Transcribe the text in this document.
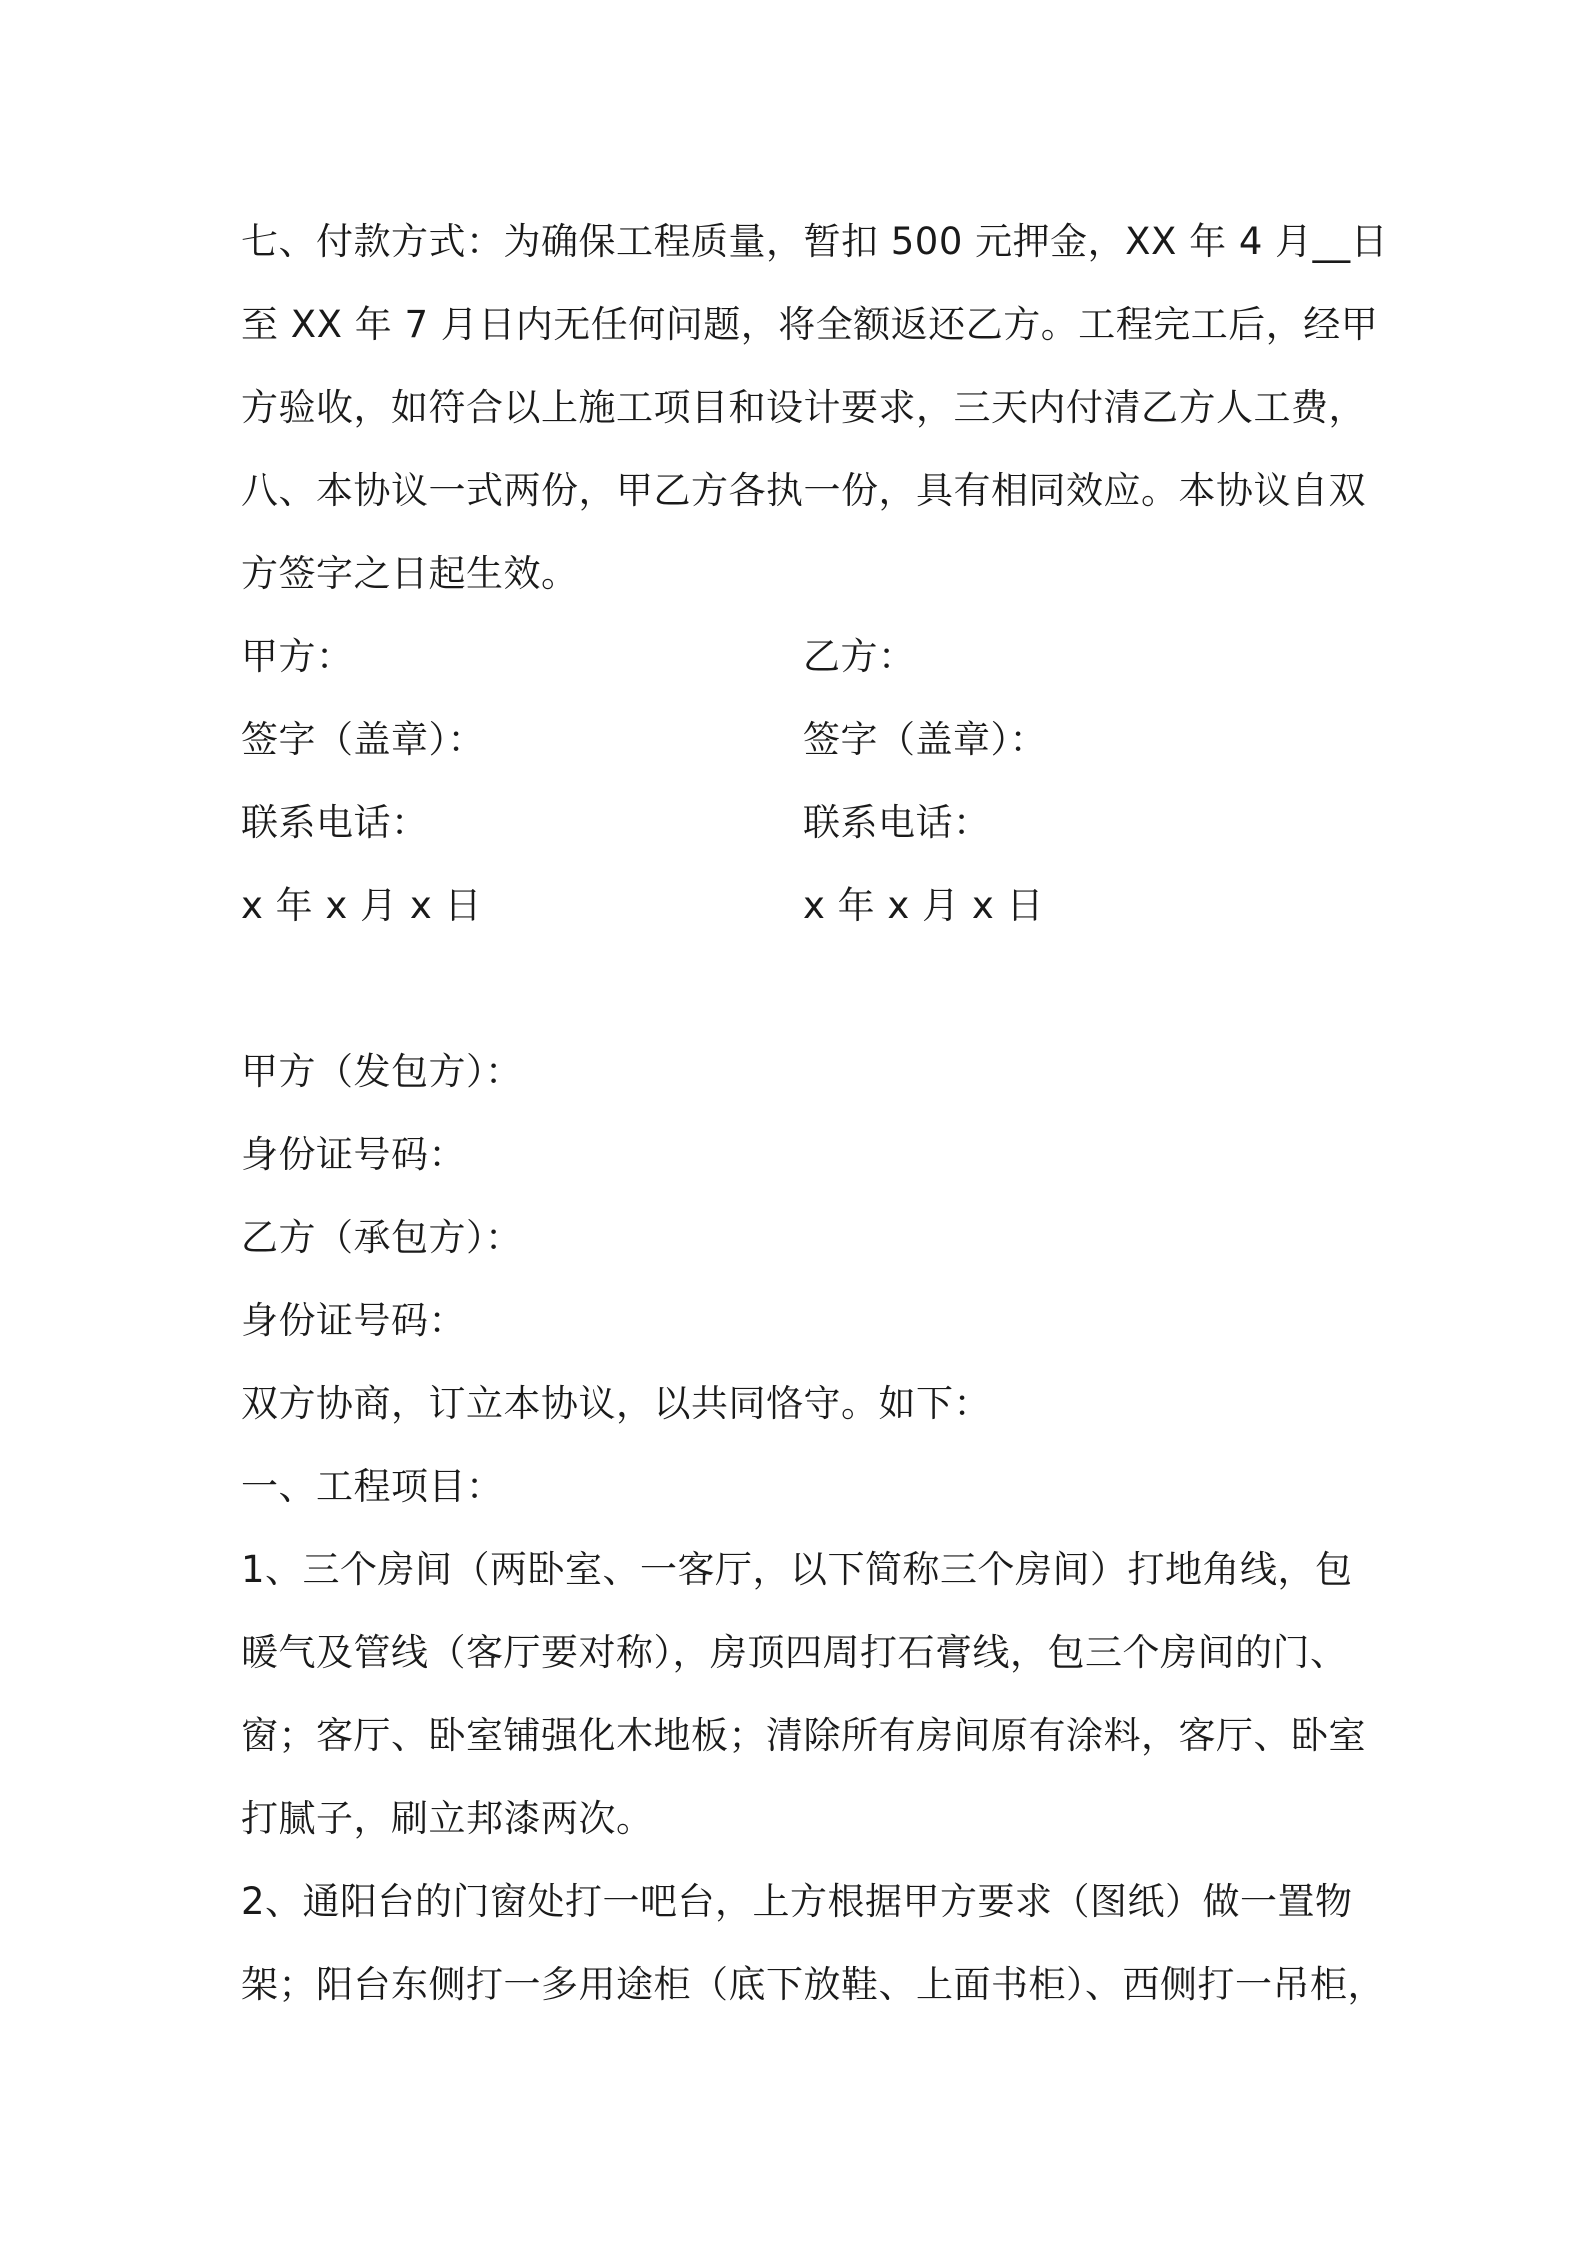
七、付款方式：为确保工程质量，暂扣 500 元押金，XX 年 4 月__日
至 XX 年 7 月日内无任何问题，将全额返还乙方。工程完工后，经甲
方验收，如符合以上施工项目和设计要求，三天内付清乙方人工费，
八、本协议一式两份，甲乙方各执一份，具有相同效应。本协议自双
方签字之日起生效。
甲方：	乙方：
签字（盖章）：	签字（盖章）：
联系电话：	联系电话：
x 年 x 月 x 日	x 年 x 月 x 日
甲方（发包方）：
身份证号码：
乙方（承包方）：
身份证号码：
双方协商，订立本协议，以共同恪守。如下：
一、工程项目：
1、三个房间（两卧室、一客厅，以下简称三个房间）打地角线，包
暖气及管线（客厅要对称），房顶四周打石膏线，包三个房间的门、
窗；客厅、卧室铺强化木地板；清除所有房间原有涂料，客厅、卧室
打腻子，刷立邦漆两次。
2、通阳台的门窗处打一吧台，上方根据甲方要求（图纸）做一置物
架；阳台东侧打一多用途柜（底下放鞋、上面书柜）、西侧打一吊柜，
